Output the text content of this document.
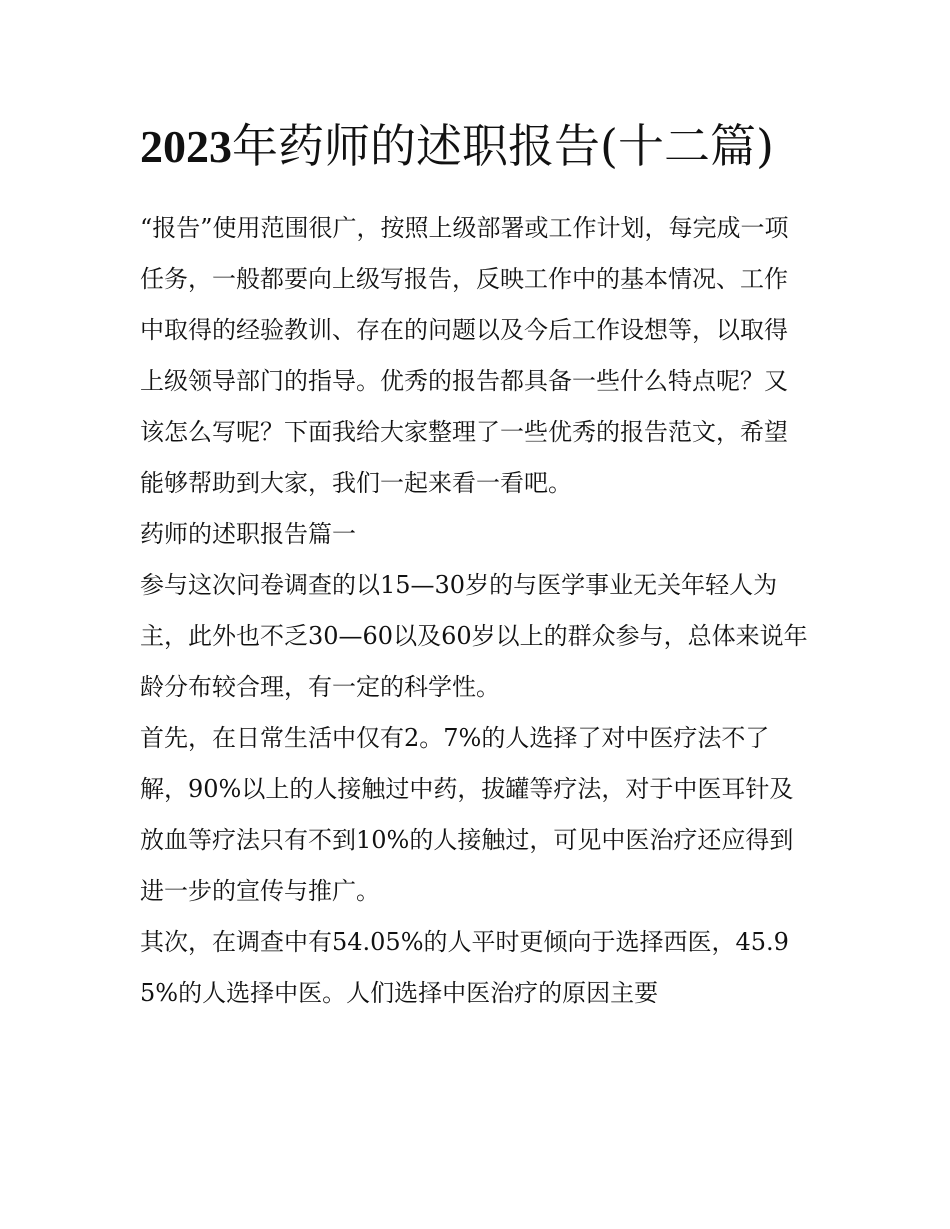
2023年药师的述职报告(十二篇)

“报告”使用范围很广，按照上级部署或工作计划，每完成一项任务，一般都要向上级写报告，反映工作中的基本情况、工作中取得的经验教训、存在的问题以及今后工作设想等，以取得上级领导部门的指导。优秀的报告都具备一些什么特点呢？又该怎么写呢？下面我给大家整理了一些优秀的报告范文，希望能够帮助到大家，我们一起来看一看吧。

药师的述职报告篇一

参与这次问卷调查的以15—30岁的与医学事业无关年轻人为主，此外也不乏30—60以及60岁以上的群众参与，总体来说年龄分布较合理，有一定的科学性。

首先，在日常生活中仅有2。7%的人选择了对中医疗法不了解，90%以上的人接触过中药，拔罐等疗法，对于中医耳针及放血等疗法只有不到10%的人接触过，可见中医治疗还应得到进一步的宣传与推广。

其次，在调查中有54.05%的人平时更倾向于选择西医，45.95%的人选择中医。人们选择中医治疗的原因主要
